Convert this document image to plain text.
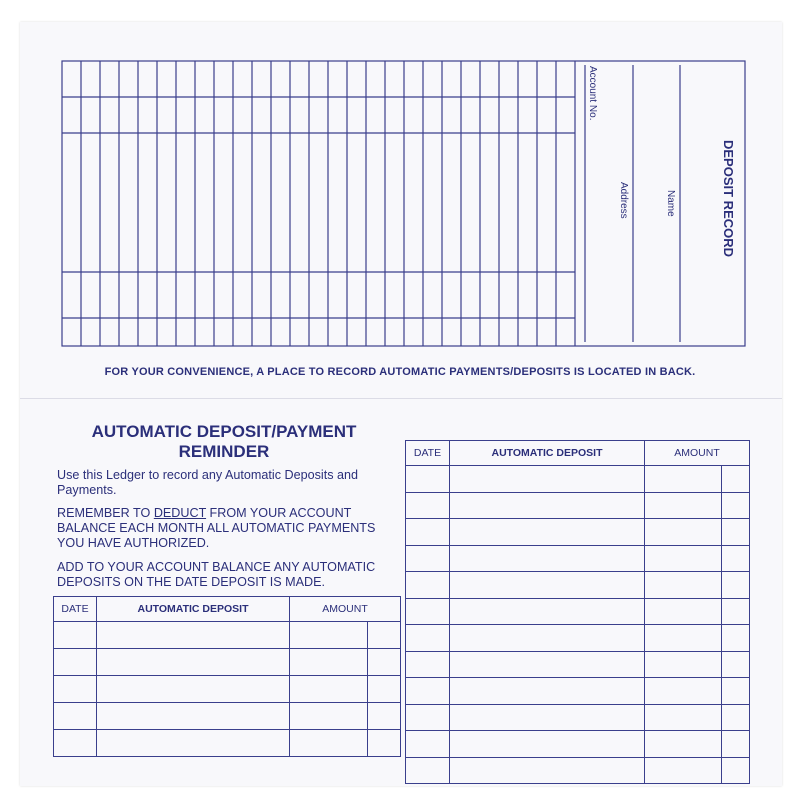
DEPOSIT RECORD
Account No.
Name
Address
FOR YOUR CONVENIENCE, A PLACE TO RECORD AUTOMATIC PAYMENTS/DEPOSITS IS LOCATED IN BACK.
AUTOMATIC DEPOSIT/PAYMENT REMINDER
Use this Ledger to record any Automatic Deposits and Payments.
REMEMBER TO DEDUCT FROM YOUR ACCOUNT BALANCE EACH MONTH ALL AUTOMATIC PAYMENTS YOU HAVE AUTHORIZED.
ADD TO YOUR ACCOUNT BALANCE ANY AUTOMATIC DEPOSITS ON THE DATE DEPOSIT IS MADE.
DATE	AUTOMATIC DEPOSIT	AMOUNT	

DATE	AUTOMATIC DEPOSIT	AMOUNT	
